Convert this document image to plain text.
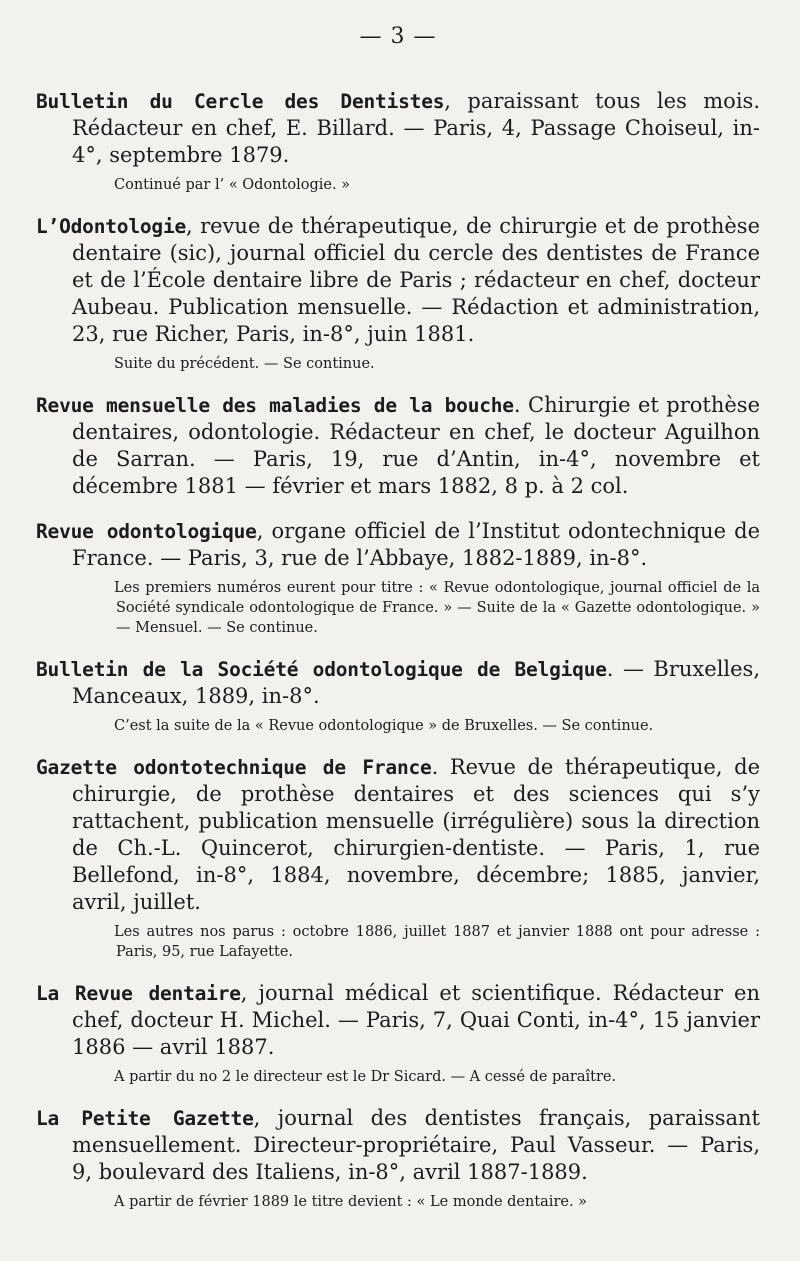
— 3 —
Bulletin du Cercle des Dentistes, paraissant tous les mois. Rédacteur en chef, E. Billard. — Paris, 4, Passage Choiseul, in-4°, septembre 1879.
Continué par l’ « Odontologie. »
L’Odontologie, revue de thérapeutique, de chirurgie et de prothèse dentaire (sic), journal officiel du cercle des dentistes de France et de l’École dentaire libre de Paris ; rédacteur en chef, docteur Aubeau. Publication mensuelle. — Rédaction et administration, 23, rue Richer, Paris, in-8°, juin 1881.
Suite du précédent. — Se continue.
Revue mensuelle des maladies de la bouche. Chirurgie et prothèse dentaires, odontologie. Rédacteur en chef, le docteur Aguilhon de Sarran. — Paris, 19, rue d’Antin, in-4°, novembre et décembre 1881 — février et mars 1882, 8 p. à 2 col.
Revue odontologique, organe officiel de l’Institut odontechnique de France. — Paris, 3, rue de l’Abbaye, 1882-1889, in-8°.
Les premiers numéros eurent pour titre : « Revue odontologique, journal officiel de la Société syndicale odontologique de France. » — Suite de la « Gazette odontologique. » — Mensuel. — Se continue.
Bulletin de la Société odontologique de Belgique. — Bruxelles, Manceaux, 1889, in-8°.
C’est la suite de la « Revue odontologique » de Bruxelles. — Se continue.
Gazette odontotechnique de France. Revue de thérapeutique, de chirurgie, de prothèse dentaires et des sciences qui s’y rattachent, publication mensuelle (irrégulière) sous la direction de Ch.-L. Quincerot, chirurgien-dentiste. — Paris, 1, rue Bellefond, in-8°, 1884, novembre, décembre; 1885, janvier, avril, juillet.
Les autres nos parus : octobre 1886, juillet 1887 et janvier 1888 ont pour adresse : Paris, 95, rue Lafayette.
La Revue dentaire, journal médical et scientifique. Rédacteur en chef, docteur H. Michel. — Paris, 7, Quai Conti, in-4°, 15 janvier 1886 — avril 1887.
A partir du no 2 le directeur est le Dr Sicard. — A cessé de paraître.
La Petite Gazette, journal des dentistes français, paraissant mensuellement. Directeur-propriétaire, Paul Vasseur. — Paris, 9, boulevard des Italiens, in-8°, avril 1887-1889.
A partir de février 1889 le titre devient : « Le monde dentaire. »
